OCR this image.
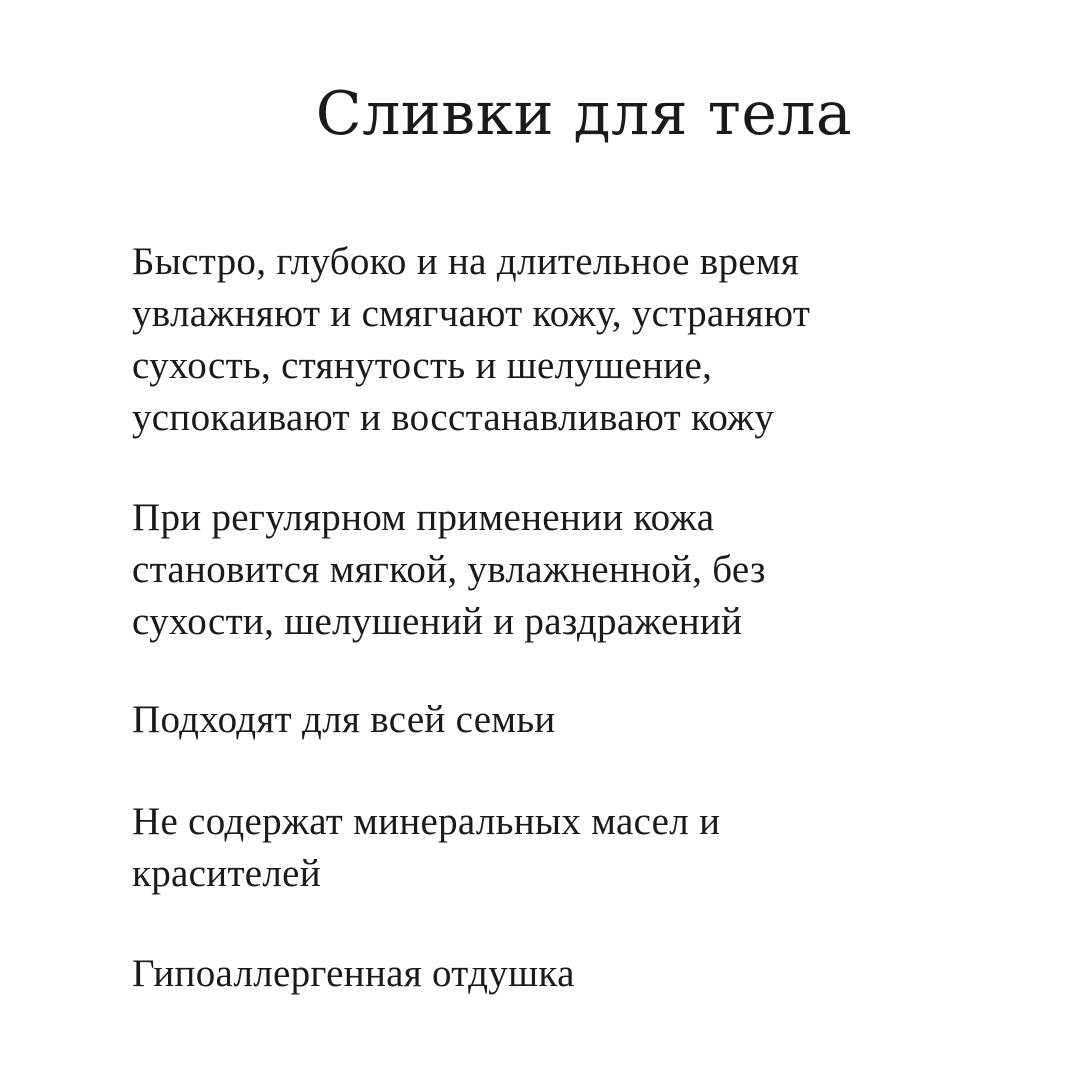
Сливки для тела

Быстро, глубоко и на длительное время
увлажняют и смягчают кожу, устраняют
сухость, стянутость и шелушение,
успокаивают и восстанавливают кожу

При регулярном применении кожа
становится мягкой, увлажненной, без
сухости, шелушений и раздражений

Подходят для всей семьи

Не содержат минеральных масел и
красителей

Гипоаллергенная отдушка
